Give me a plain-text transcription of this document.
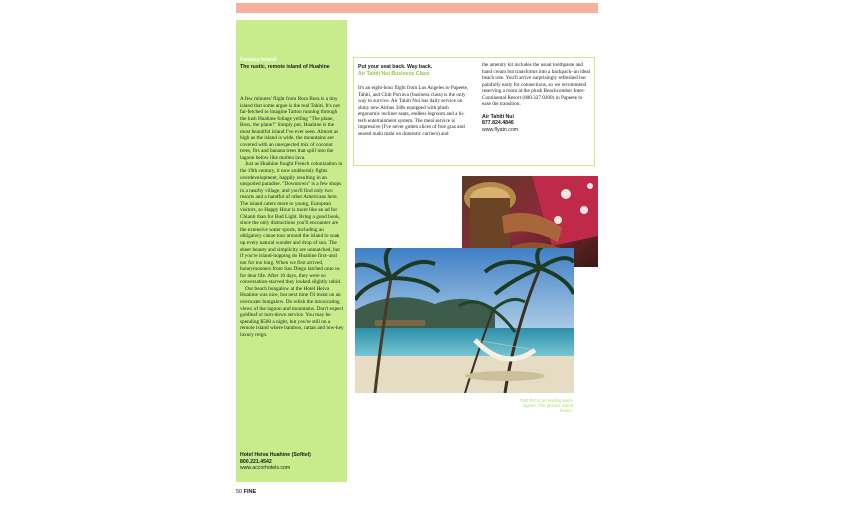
Fantasy Island
The rustic, remote island of Huahine

A few minutes' flight from Bora Bora is a tiny island that some argue is the real Tahiti. It's not far-fetched to imagine Tattoo running through the lush Huahine foliage yelling "The plane, Boss, the plane!" Simply put, Huahine is the most beautiful island I've ever seen. Almost as high as the island is wide, the mountains are covered with an unexpected mix of coconut trees, firs and banana trees that spill into the lagoon below like molten lava.

Just as Huahine fought French colonization in the 19th century, it now stubbornly fights overdevelopment, happily resulting in an unspoiled paradise. "Downtown" is a few shops in a nearby village, and you'll find only two resorts and a handful of other Americans here. The island caters more to young, European visitors, so Happy Hour is more like an ad for Chianti than for Bud Light. Bring a good book, since the only distractions you'll encounter are the extensive water sports, including an obligatory canoe tour around the island to soak up every natural wonder and drop of sun. The sheer beauty and simplicity are unmatched, but if you're island-hopping do Huahine first–and not for too long. When we first arrived, honeymooners from San Diego latched onto us for dear life. After 10 days, they were so conversation-starved they looked slightly rabid.

Our beach bungalow at the Hotel Heiva Huahine was nice, but next time I'll insist on an overwater bungalow. Do relish the intoxicating views of the lagoon and mountains. Don't expect goldleaf or turn-down service. You may be spending $500 a night, but you're still on a remote island where bamboo, rattan and low-key luxury reign.

Hotel Heiva Huahine (Sofitel)
800.221.4542
www.accorhotels.com
Put your seat back. Way back.
Air Tahiti Nui Business Class
It's an eight-hour flight from Los Angeles to Papeete, Tahiti, and Club Porrava (business class) is the only way to survive. Air Tahiti Nui has daily service on shiny new Airbus 340s equipped with plush ergonomic recliner seats, endless legroom and a hi-tech entertainment system. The meal service is impressive (I've never gotten slices of foie gras and seared mahi mahi on domestic carriers) and
the amenity kit includes the usual toothpaste and hand cream but transforms into a backpack–an ideal beach tote. You'll arrive surprisingly refreshed but painfully early for connections, so we recommend reserving a room at the plush Beachcomber Inter-Continental Resort (800.327.0200) in Papeete to ease the transition.
Air Tahiti Nui
877.824.4846
www.flyatn.com
THE PICS: an inviting warm lagoon. The pristine island beach.
50 FINE
